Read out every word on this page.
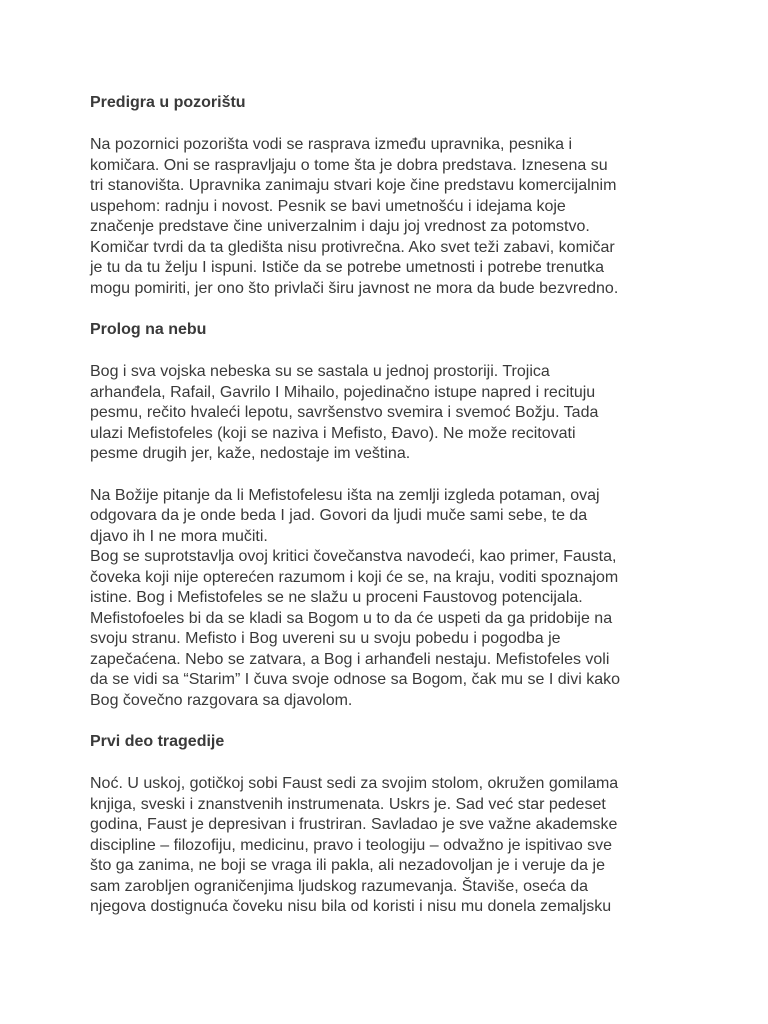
Predigra u pozorištu
Na pozornici pozorišta vodi se rasprava između upravnika, pesnika i
komičara. Oni se raspravljaju o tome šta je dobra predstava. Iznesena su
tri stanovišta. Upravnika zanimaju stvari koje čine predstavu komercijalnim
uspehom: radnju i novost. Pesnik se bavi umetnošću i idejama koje
značenje predstave čine univerzalnim i daju joj vrednost za potomstvo.
Komičar tvrdi da ta gledišta nisu protivrečna. Ako svet teži zabavi, komičar
je tu da tu želju I ispuni. Ističe da se potrebe umetnosti i potrebe trenutka
mogu pomiriti, jer ono što privlači širu javnost ne mora da bude bezvredno.
Prolog na nebu
Bog i sva vojska nebeska su se sastala u jednoj prostoriji. Trojica
arhanđela, Rafail, Gavrilo I Mihailo, pojedinačno istupe napred i recituju
pesmu, rečito hvaleći lepotu, savršenstvo svemira i svemoć Božju. Tada
ulazi Mefistofeles (koji se naziva i Mefisto, Đavo). Ne može recitovati
pesme drugih jer, kaže, nedostaje im veština.
Na Božije pitanje da li Mefistofelesu išta na zemlji izgleda potaman, ovaj
odgovara da je onde beda I jad. Govori da ljudi muče sami sebe, te da
djavo ih I ne mora mučiti.
Bog se suprotstavlja ovoj kritici čovečanstva navodeći, kao primer, Fausta,
čoveka koji nije opterećen razumom i koji će se, na kraju, voditi spoznajom
istine. Bog i Mefistofeles se ne slažu u proceni Faustovog potencijala.
Mefistofoeles bi da se kladi sa Bogom u to da će uspeti da ga pridobije na
svoju stranu. Mefisto i Bog uvereni su u svoju pobedu i pogodba je
zapečaćena. Nebo se zatvara, a Bog i arhanđeli nestaju. Mefistofeles voli
da se vidi sa “Starim” I čuva svoje odnose sa Bogom, čak mu se I divi kako
Bog čovečno razgovara sa djavolom.
Prvi deo tragedije
Noć. U uskoj, gotičkoj sobi Faust sedi za svojim stolom, okružen gomilama
knjiga, sveski i znanstvenih instrumenata. Uskrs je. Sad već star pedeset
godina, Faust je depresivan i frustriran. Savladao je sve važne akademske
discipline – filozofiju, medicinu, pravo i teologiju – odvažno je ispitivao sve
što ga zanima, ne boji se vraga ili pakla, ali nezadovoljan je i veruje da je
sam zarobljen ograničenjima ljudskog razumevanja. Štaviše, oseća da
njegova dostignuća čoveku nisu bila od koristi i nisu mu donela zemaljsku
